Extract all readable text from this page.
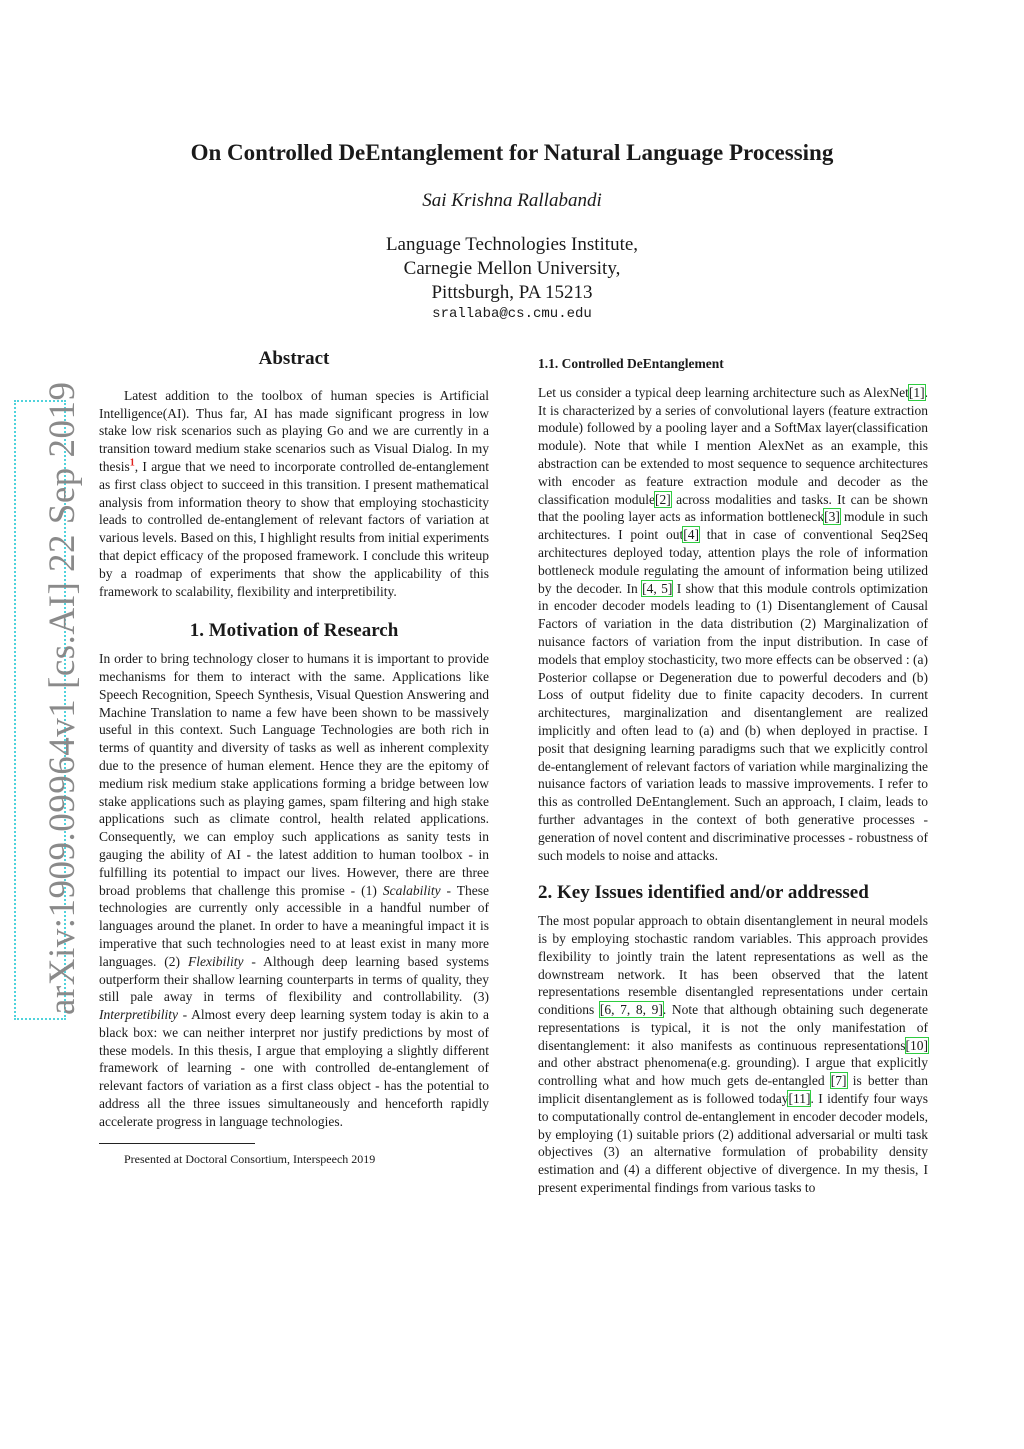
arXiv:1909.09964v1 [cs.AI] 22 Sep 2019
On Controlled DeEntanglement for Natural Language Processing
Sai Krishna Rallabandi
Language Technologies Institute,
Carnegie Mellon University,
Pittsburgh, PA 15213
srallaba@cs.cmu.edu
Abstract

Latest addition to the toolbox of human species is Artificial Intelligence(AI). Thus far, AI has made significant progress in low stake low risk scenarios such as playing Go and we are currently in a transition toward medium stake scenarios such as Visual Dialog. In my thesis$^1$, I argue that we need to incorporate controlled de-entanglement as first class object to succeed in this transition. I present mathematical analysis from information theory to show that employing stochasticity leads to controlled de-entanglement of relevant factors of variation at various levels. Based on this, I highlight results from initial experiments that depict efficacy of the proposed framework. I conclude this writeup by a roadmap of experiments that show the applicability of this framework to scalability, flexibility and interpretibility.

1. Motivation of Research

In order to bring technology closer to humans it is important to provide mechanisms for them to interact with the same. Applications like Speech Recognition, Speech Synthesis, Visual Question Answering and Machine Translation to name a few have been shown to be massively useful in this context. Such Language Technologies are both rich in terms of quantity and diversity of tasks as well as inherent complexity due to the presence of human element. Hence they are the epitomy of medium risk medium stake applications forming a bridge between low stake applications such as playing games, spam filtering and high stake applications such as climate control, health related applications. Consequently, we can employ such applications as sanity tests in gauging the ability of AI - the latest addition to human toolbox - in fulfilling its potential to impact our lives. However, there are three broad problems that challenge this promise - (1) Scalability - These technologies are currently only accessible in a handful number of languages around the planet. In order to have a meaningful impact it is imperative that such technologies need to at least exist in many more languages. (2) Flexibility - Although deep learning based systems outperform their shallow learning counterparts in terms of quality, they still pale away in terms of flexibility and controllability. (3) Interpretibility - Almost every deep learning system today is akin to a black box: we can neither interpret nor justify predictions by most of these models. In this thesis, I argue that employing a slightly different framework of learning - one with controlled de-entanglement of relevant factors of variation as a first class object - has the potential to address all the three issues simultaneously and henceforth rapidly accelerate progress in language technologies.

Presented at Doctoral Consortium, Interspeech 2019
1.1. Controlled DeEntanglement

Let us consider a typical deep learning architecture such as AlexNet[1]. It is characterized by a series of convolutional layers (feature extraction module) followed by a pooling layer and a SoftMax layer(classification module). Note that while I mention AlexNet as an example, this abstraction can be extended to most sequence to sequence architectures with encoder as feature extraction module and decoder as the classification module[2] across modalities and tasks. It can be shown that the pooling layer acts as information bottleneck[3] module in such architectures. I point out[4] that in case of conventional Seq2Seq architectures deployed today, attention plays the role of information bottleneck module regulating the amount of information being utilized by the decoder. In [4, 5] I show that this module controls optimization in encoder decoder models leading to (1) Disentanglement of Causal Factors of variation in the data distribution (2) Marginalization of nuisance factors of variation from the input distribution. In case of models that employ stochasticity, two more effects can be observed : (a) Posterior collapse or Degeneration due to powerful decoders and (b) Loss of output fidelity due to finite capacity decoders. In current architectures, marginalization and disentanglement are realized implicitly and often lead to (a) and (b) when deployed in practise. I posit that designing learning paradigms such that we explicitly control de-entanglement of relevant factors of variation while marginalizing the nuisance factors of variation leads to massive improvements. I refer to this as controlled DeEntanglement. Such an approach, I claim, leads to further advantages in the context of both generative processes - generation of novel content and discriminative processes - robustness of such models to noise and attacks.

2. Key Issues identified and/or addressed

The most popular approach to obtain disentanglement in neural models is by employing stochastic random variables. This approach provides flexibility to jointly train the latent representations as well as the downstream network. It has been observed that the latent representations resemble disentangled representations under certain conditions [6, 7, 8, 9]. Note that although obtaining such degenerate representations is typical, it is not the only manifestation of disentanglement: it also manifests as continuous representations[10] and other abstract phenomena(e.g. grounding). I argue that explicitly controlling what and how much gets de-entangled [7] is better than implicit disentanglement as is followed today[11]. I identify four ways to computationally control de-entanglement in encoder decoder models, by employing (1) suitable priors (2) additional adversarial or multi task objectives (3) an alternative formulation of probability density estimation and (4) a different objective of divergence. In my thesis, I present experimental findings from various tasks to
